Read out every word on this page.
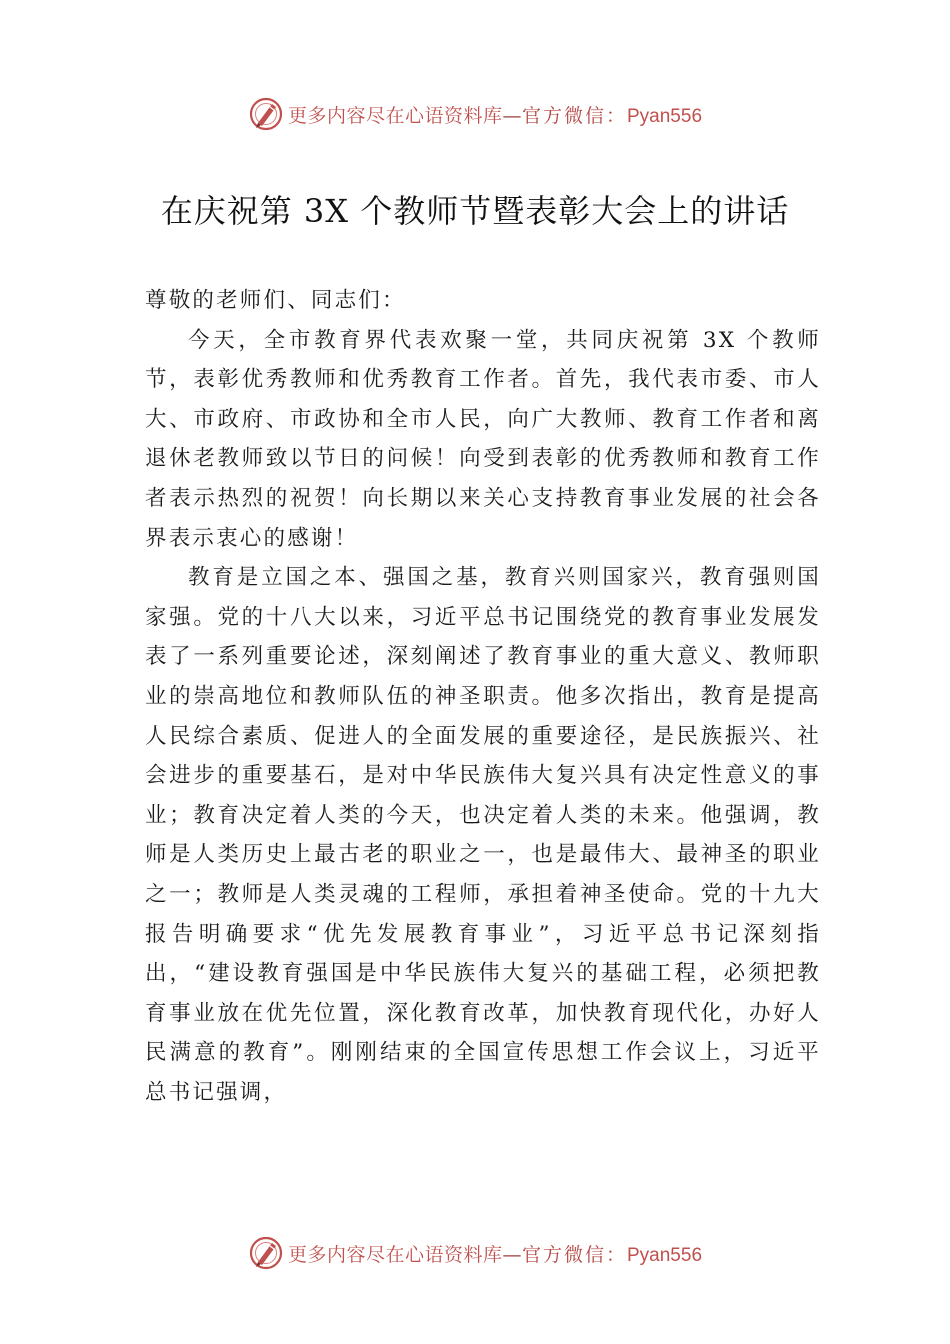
更多内容尽在心语资料库—官方微信：Pyan556
在庆祝第 3X 个教师节暨表彰大会上的讲话

尊敬的老师们、同志们：

今天，全市教育界代表欢聚一堂，共同庆祝第 3X 个教师节，表彰优秀教师和优秀教育工作者。首先，我代表市委、市人大、市政府、市政协和全市人民，向广大教师、教育工作者和离退休老教师致以节日的问候！向受到表彰的优秀教师和教育工作者表示热烈的祝贺！向长期以来关心支持教育事业发展的社会各界表示衷心的感谢！

教育是立国之本、强国之基，教育兴则国家兴，教育强则国家强。党的十八大以来，习近平总书记围绕党的教育事业发展发表了一系列重要论述，深刻阐述了教育事业的重大意义、教师职业的崇高地位和教师队伍的神圣职责。他多次指出，教育是提高人民综合素质、促进人的全面发展的重要途径，是民族振兴、社会进步的重要基石，是对中华民族伟大复兴具有决定性意义的事业；教育决定着人类的今天，也决定着人类的未来。他强调，教师是人类历史上最古老的职业之一，也是最伟大、最神圣的职业之一；教师是人类灵魂的工程师，承担着神圣使命。党的十九大报告明确要求“优先发展教育事业”，习近平总书记深刻指出，“建设教育强国是中华民族伟大复兴的基础工程，必须把教育事业放在优先位置，深化教育改革，加快教育现代化，办好人民满意的教育”。刚刚结束的全国宣传思想工作会议上，习近平总书记强调，

更多内容尽在心语资料库—官方微信：Pyan556
